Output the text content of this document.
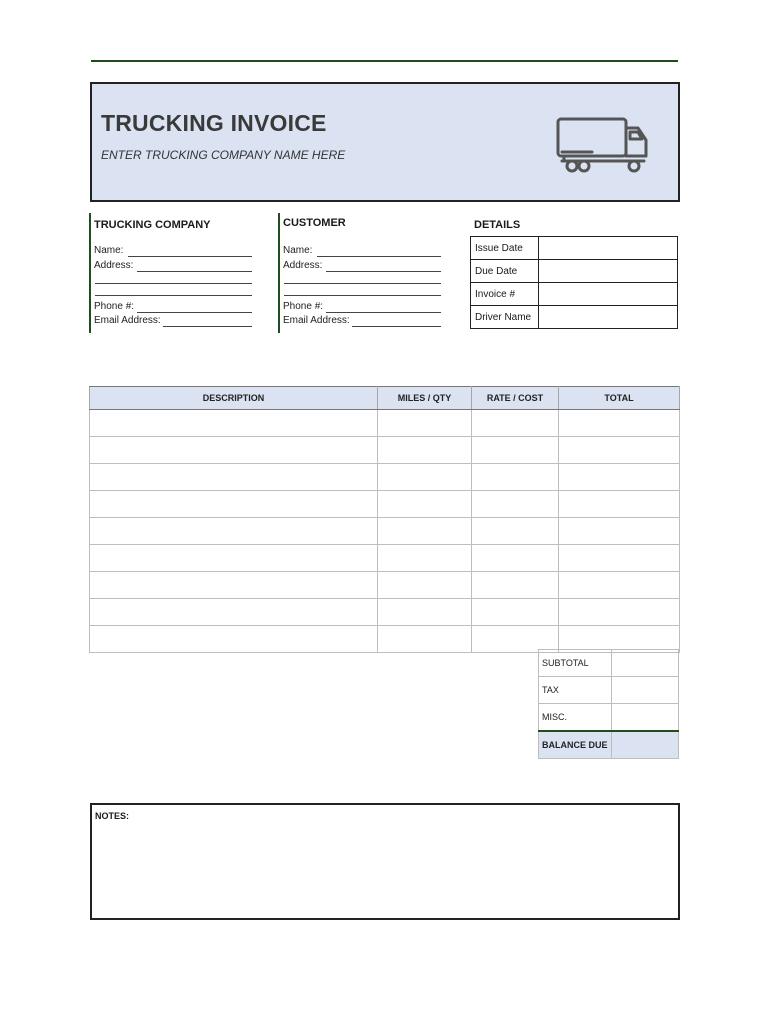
TRUCKING INVOICE
ENTER TRUCKING COMPANY NAME HERE
TRUCKING COMPANY
Name:
Address:
Phone #:
Email Address:
CUSTOMER
Name:
Address:
Phone #:
Email Address:
DETAILS
Issue Date	
Due Date	
Invoice #	
Driver Name	
DESCRIPTION	MILES / QTY	RATE / COST	TOTAL

SUBTOTAL	
TAX	
MISC.	
BALANCE DUE	
NOTES:
